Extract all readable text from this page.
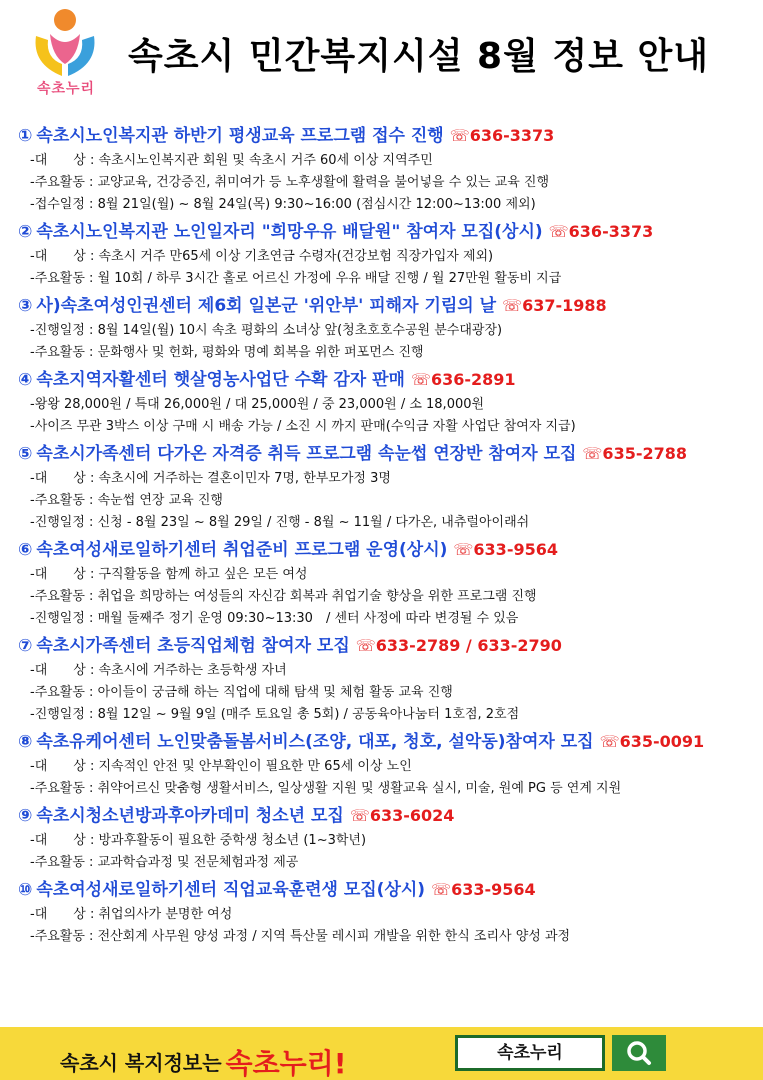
속초누리
속초시 민간복지시설 8월 정보 안내
① 속초시노인복지관 하반기 평생교육 프로그램 접수 진행 ☏636-3373
-대　　상 : 속초시노인복지관 회원 및 속초시 거주 60세 이상 지역주민
-주요활동 : 교양교육, 건강증진, 취미여가 등 노후생활에 활력을 불어넣을 수 있는 교육 진행
-접수일정 : 8월 21일(월) ~ 8월 24일(목) 9:30~16:00 (점심시간 12:00~13:00 제외)
② 속초시노인복지관 노인일자리 "희망우유 배달원" 참여자 모집(상시) ☏636-3373
-대　　상 : 속초시 거주 만65세 이상 기초연금 수령자(건강보험 직장가입자 제외)
-주요활동 : 월 10회 / 하루 3시간 홀로 어르신 가정에 우유 배달 진행 / 월 27만원 활동비 지급
③ 사)속초여성인권센터 제6회 일본군 '위안부' 피해자 기림의 날 ☏637-1988
-진행일정 : 8월 14일(월) 10시 속초 평화의 소녀상 앞(청초호호수공원 분수대광장)
-주요활동 : 문화행사 및 헌화, 평화와 명예 회복을 위한 퍼포먼스 진행
④ 속초지역자활센터 햇살영농사업단 수확 감자 판매 ☏636-2891
-왕왕 28,000원 / 특대 26,000원 / 대 25,000원 / 중 23,000원 / 소 18,000원
-사이즈 무관 3박스 이상 구매 시 배송 가능 / 소진 시 까지 판매(수익금 자활 사업단 참여자 지급)
⑤ 속초시가족센터 다가온 자격증 취득 프로그램 속눈썹 연장반 참여자 모집 ☏635-2788
-대　　상 : 속초시에 거주하는 결혼이민자 7명, 한부모가정 3명
-주요활동 : 속눈썹 연장 교육 진행
-진행일정 : 신청 - 8월 23일 ~ 8월 29일 / 진행 - 8월 ~ 11월 / 다가온, 내츄럴아이래쉬
⑥ 속초여성새로일하기센터 취업준비 프로그램 운영(상시) ☏633-9564
-대　　상 : 구직활동을 함께 하고 싶은 모든 여성
-주요활동 : 취업을 희망하는 여성들의 자신감 회복과 취업기술 향상을 위한 프로그램 진행
-진행일정 : 매월 둘째주 정기 운영 09:30~13:30　/ 센터 사정에 따라 변경될 수 있음
⑦ 속초시가족센터 초등직업체험 참여자 모집 ☏633-2789 / 633-2790
-대　　상 : 속초시에 거주하는 초등학생 자녀
-주요활동 : 아이들이 궁금해 하는 직업에 대해 탐색 및 체험 활동 교육 진행
-진행일정 : 8월 12일 ~ 9월 9일 (매주 토요일 총 5회) / 공동육아나눔터 1호점, 2호점
⑧ 속초유케어센터 노인맞춤돌봄서비스(조양, 대포, 청호, 설악동)참여자 모집 ☏635-0091
-대　　상 : 지속적인 안전 및 안부확인이 필요한 만 65세 이상 노인
-주요활동 : 취약어르신 맞춤형 생활서비스, 일상생활 지원 및 생활교육 실시, 미술, 원예 PG 등 연계 지원
⑨ 속초시청소년방과후아카데미 청소년 모집 ☏633-6024
-대　　상 : 방과후활동이 필요한 중학생 청소년 (1~3학년)
-주요활동 : 교과학습과정 및 전문체험과정 제공
⑩ 속초여성새로일하기센터 직업교육훈련생 모집(상시) ☏633-9564
-대　　상 : 취업의사가 분명한 여성
-주요활동 : 전산회계 사무원 양성 과정 / 지역 특산물 레시피 개발을 위한 한식 조리사 양성 과정
속초시 복지정보는 속초누리!	속초누리
